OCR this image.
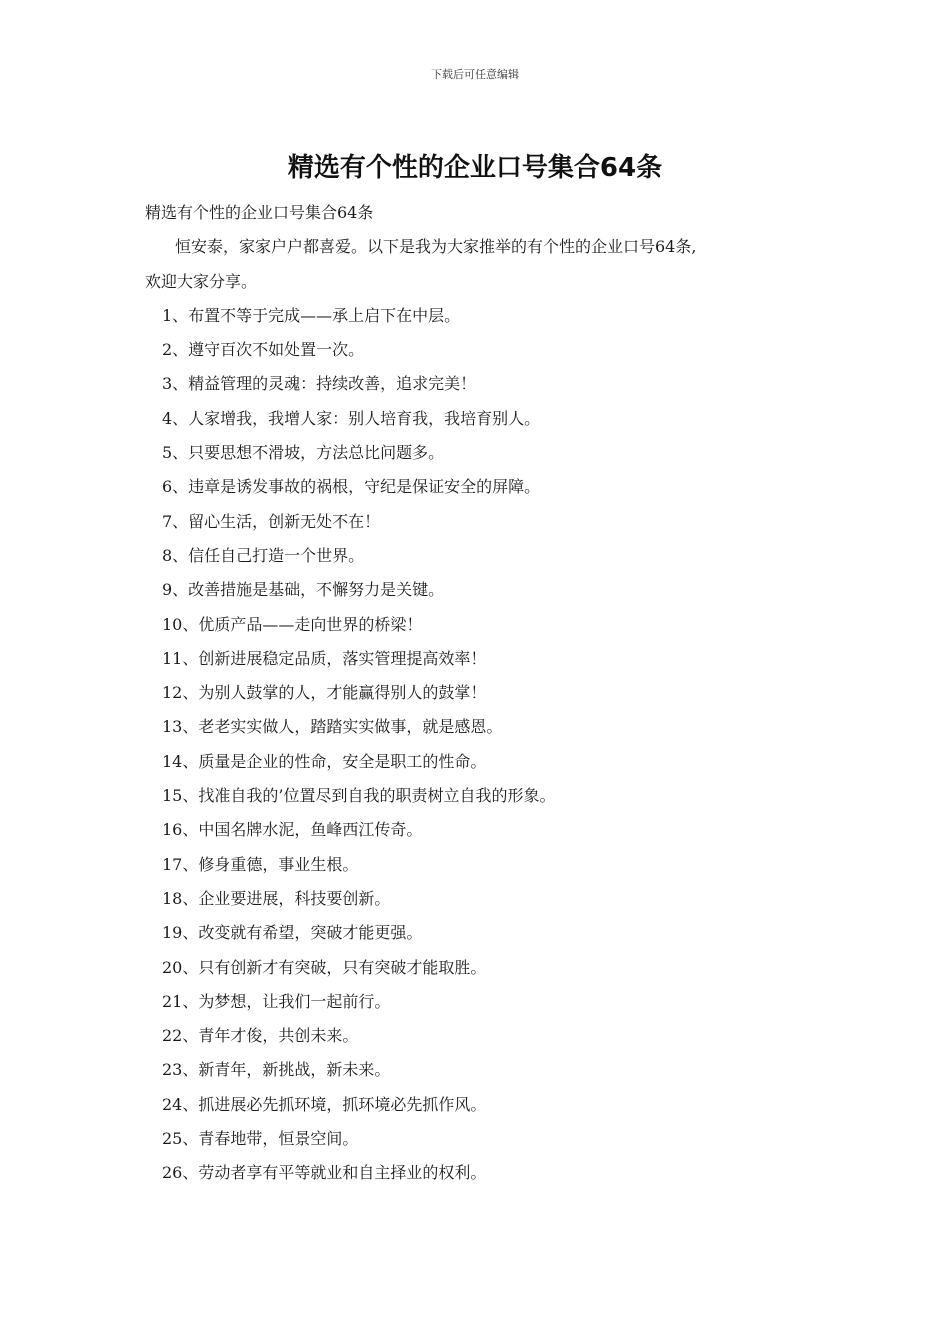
下载后可任意编辑
精选有个性的企业口号集合64条
精选有个性的企业口号集合64条
恒安泰，家家户户都喜爱。以下是我为大家推举的有个性的企业口号64条,
欢迎大家分享。
1、布置不等于完成——承上启下在中层。
2、遵守百次不如处置一次。
3、精益管理的灵魂：持续改善，追求完美！
4、人家增我，我增人家：别人培育我，我培育别人。
5、只要思想不滑坡，方法总比问题多。
6、违章是诱发事故的祸根，守纪是保证安全的屏障。
7、留心生活，创新无处不在！
8、信任自己打造一个世界。
9、改善措施是基础，不懈努力是关键。
10、优质产品——走向世界的桥梁！
11、创新进展稳定品质，落实管理提高效率！
12、为别人鼓掌的人，才能赢得别人的鼓掌！
13、老老实实做人，踏踏实实做事，就是感恩。
14、质量是企业的性命，安全是职工的性命。
15、找准自我的’位置尽到自我的职责树立自我的形象。
16、中国名牌水泥，鱼峰西江传奇。
17、修身重德，事业生根。
18、企业要进展，科技要创新。
19、改变就有希望，突破才能更强。
20、只有创新才有突破，只有突破才能取胜。
21、为梦想，让我们一起前行。
22、青年才俊，共创未来。
23、新青年，新挑战，新未来。
24、抓进展必先抓环境，抓环境必先抓作风。
25、青春地带，恒景空间。
26、劳动者享有平等就业和自主择业的权利。
